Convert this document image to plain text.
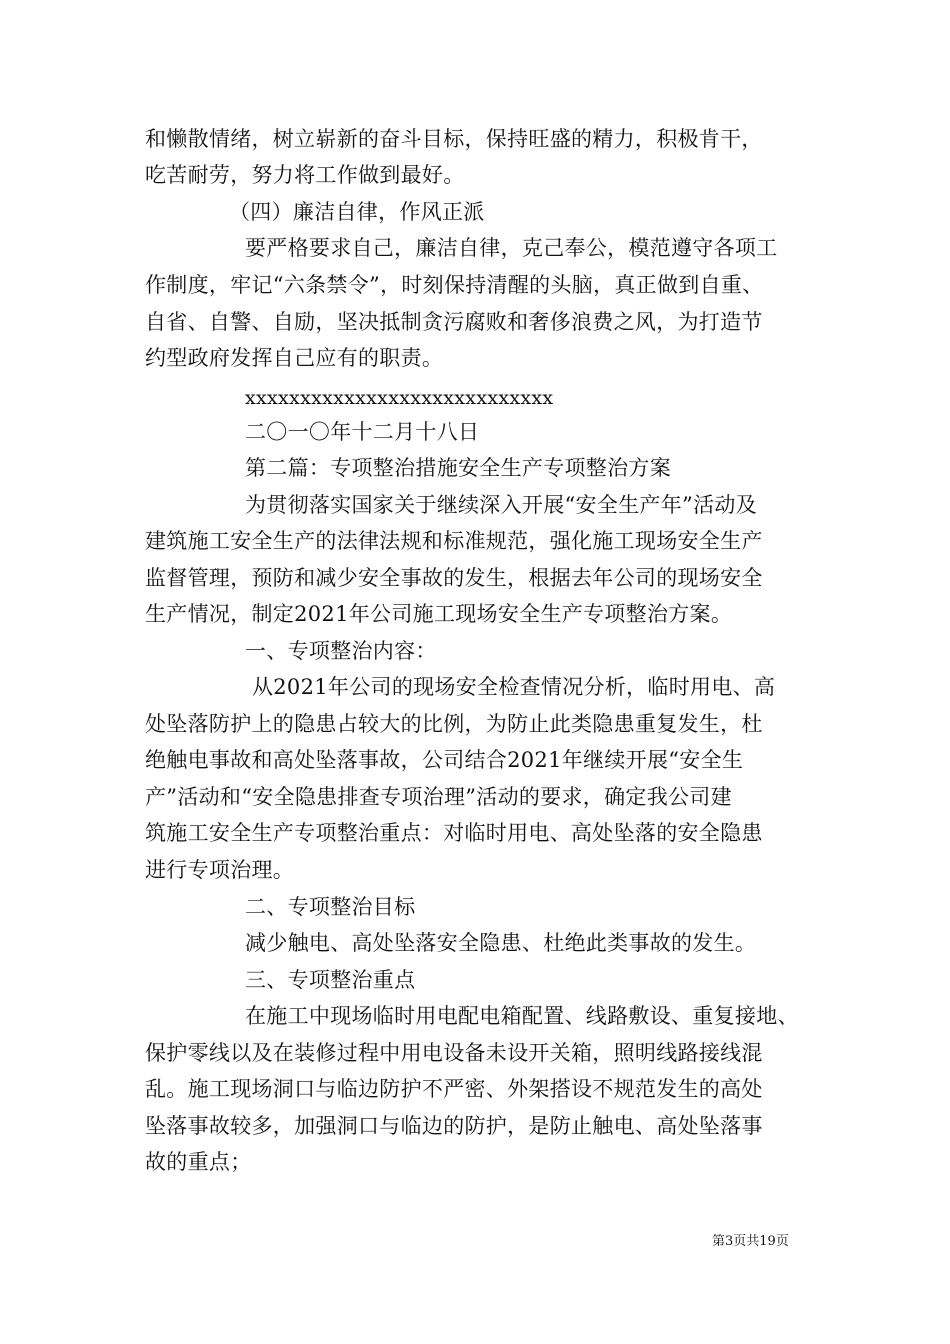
和懒散情绪，树立崭新的奋斗目标，保持旺盛的精力，积极肯干，
吃苦耐劳，努力将工作做到最好。
（四）廉洁自律，作风正派
要严格要求自己，廉洁自律，克己奉公，模范遵守各项工
作制度，牢记“六条禁令”，时刻保持清醒的头脑，真正做到自重、
自省、自警、自励，坚决抵制贪污腐败和奢侈浪费之风，为打造节
约型政府发挥自己应有的职责。
xxxxxxxxxxxxxxxxxxxxxxxxxxxx
二〇一〇年十二月十八日
第二篇：专项整治措施安全生产专项整治方案
为贯彻落实国家关于继续深入开展“安全生产年”活动及
建筑施工安全生产的法律法规和标准规范，强化施工现场安全生产
监督管理，预防和减少安全事故的发生，根据去年公司的现场安全
生产情况，制定2021年公司施工现场安全生产专项整治方案。
一、专项整治内容：
从2021年公司的现场安全检查情况分析，临时用电、高
处坠落防护上的隐患占较大的比例，为防止此类隐患重复发生，杜
绝触电事故和高处坠落事故，公司结合2021年继续开展“安全生
产”活动和“安全隐患排查专项治理”活动的要求，确定我公司建
筑施工安全生产专项整治重点：对临时用电、高处坠落的安全隐患
进行专项治理。
二、专项整治目标
减少触电、高处坠落安全隐患、杜绝此类事故的发生。
三、专项整治重点
在施工中现场临时用电配电箱配置、线路敷设、重复接地、
保护零线以及在装修过程中用电设备未设开关箱，照明线路接线混
乱。施工现场洞口与临边防护不严密、外架搭设不规范发生的高处
坠落事故较多，加强洞口与临边的防护，是防止触电、高处坠落事
故的重点；
第3页共19页
